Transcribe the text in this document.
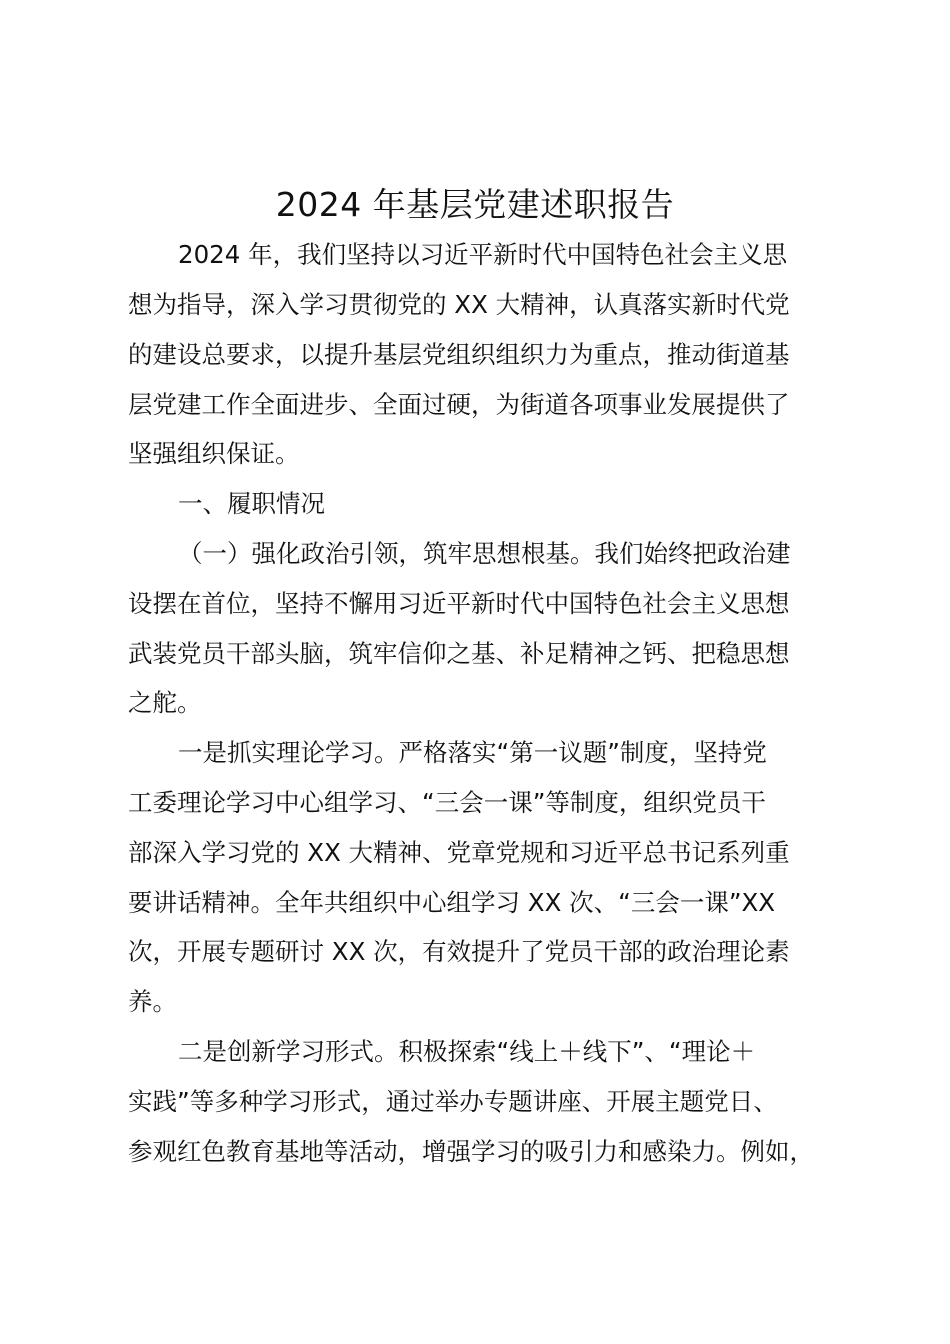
2024 年基层党建述职报告

2024 年，我们坚持以习近平新时代中国特色社会主义思

想为指导，深入学习贯彻党的 XX 大精神，认真落实新时代党

的建设总要求，以提升基层党组织组织力为重点，推动街道基

层党建工作全面进步、全面过硬，为街道各项事业发展提供了

坚强组织保证。

一、履职情况

（一）强化政治引领，筑牢思想根基。我们始终把政治建

设摆在首位，坚持不懈用习近平新时代中国特色社会主义思想

武装党员干部头脑，筑牢信仰之基、补足精神之钙、把稳思想

之舵。

一是抓实理论学习。严格落实“第一议题”制度，坚持党

工委理论学习中心组学习、“三会一课”等制度，组织党员干

部深入学习党的 XX 大精神、党章党规和习近平总书记系列重

要讲话精神。全年共组织中心组学习 XX 次、“三会一课”XX

次，开展专题研讨 XX 次，有效提升了党员干部的政治理论素

养。

二是创新学习形式。积极探索“线上＋线下”、“理论＋

实践”等多种学习形式，通过举办专题讲座、开展主题党日、

参观红色教育基地等活动，增强学习的吸引力和感染力。例如，
